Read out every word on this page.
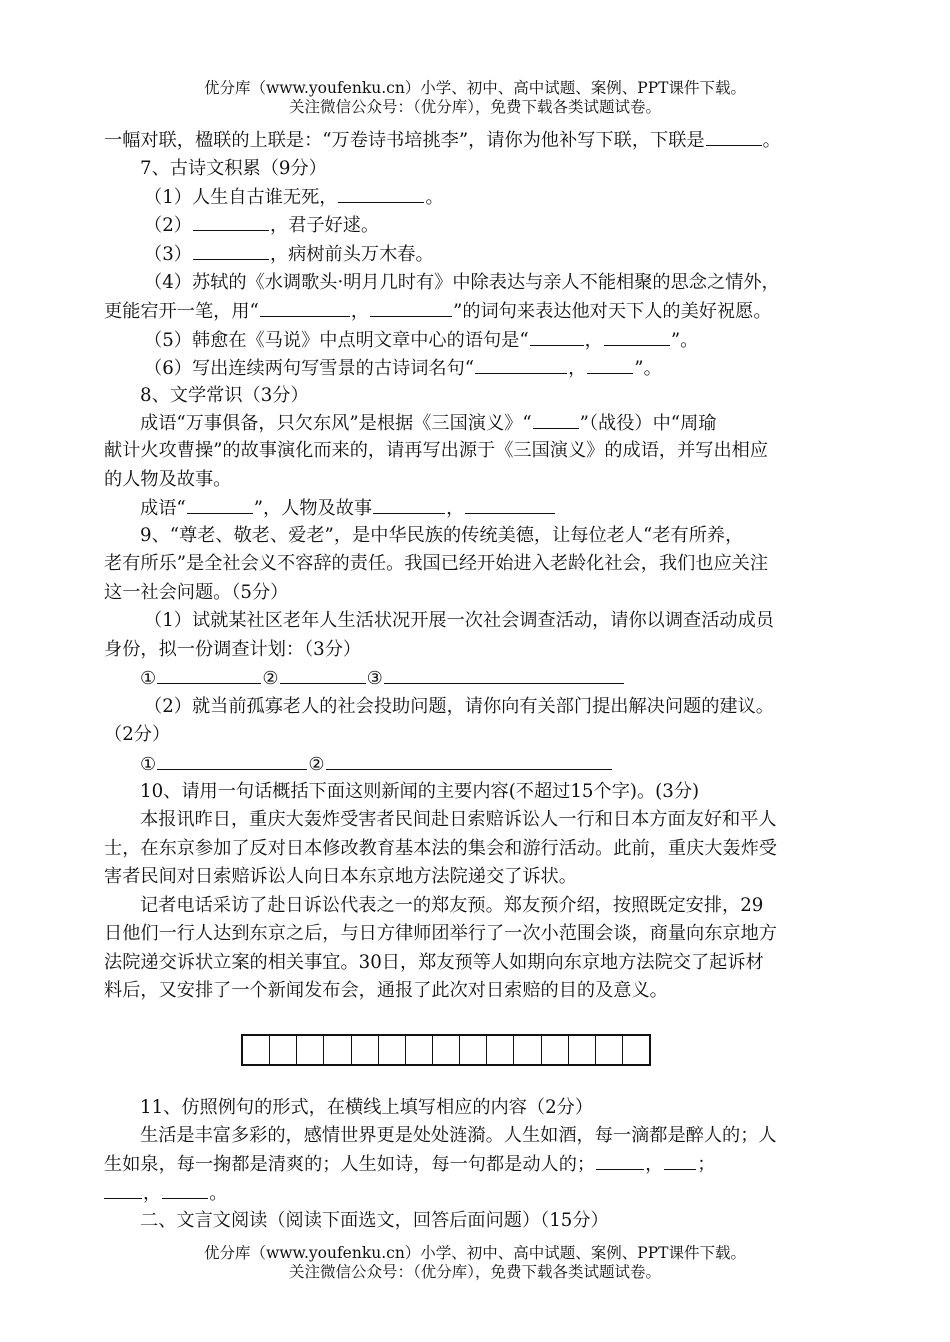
优分库（www.youfenku.cn）小学、初中、高中试题、案例、PPT课件下载。
关注微信公众号：（优分库），免费下载各类试题试卷。
一幅对联，楹联的上联是：“万卷诗书培挑李”，请你为他补写下联，下联是	。
7、古诗文积累（9分）
（1）人生自古谁无死，	。
（2）	，君子好逑。
（3）	，病树前头万木春。
（4）苏轼的《水调歌头·明月几时有》中除表达与亲人不能相聚的思念之情外，
更能宕开一笔，用“	，	”的词句来表达他对天下人的美好祝愿。
（5）韩愈在《马说》中点明文章中心的语句是“	，	”。
（6）写出连续两句写雪景的古诗词名句“	，	”。
8、文学常识（3分）
成语“万事俱备，只欠东风”是根据《三国演义》“	”（战役）中“周瑜
献计火攻曹操”的故事演化而来的，请再写出源于《三国演义》的成语，并写出相应
的人物及故事。
成语“	”，人物及故事	，
9、“尊老、敬老、爱老”，是中华民族的传统美德，让每位老人“老有所养，
老有所乐”是全社会义不容辞的责任。我国已经开始进入老龄化社会，我们也应关注
这一社会问题。（5分）
（1）试就某社区老年人生活状况开展一次社会调查活动，请你以调查活动成员
身份，拟一份调查计划：（3分）
①	②	③
（2）就当前孤寡老人的社会投助问题，请你向有关部门提出解决问题的建议。
（2分）
①	②
10、请用一句话概括下面这则新闻的主要内容(不超过15个字)。(3分)
本报讯昨日，重庆大轰炸受害者民间赴日索赔诉讼人一行和日本方面友好和平人
士，在东京参加了反对日本修改教育基本法的集会和游行活动。此前，重庆大轰炸受
害者民间对日索赔诉讼人向日本东京地方法院递交了诉状。
记者电话采访了赴日诉讼代表之一的郑友预。郑友预介绍，按照既定安排，29
日他们一行人达到东京之后，与日方律师团举行了一次小范围会谈，商量向东京地方
法院递交诉状立案的相关事宜。30日，郑友预等人如期向东京地方法院交了起诉材
料后，又安排了一个新闻发布会，通报了此次对日索赔的目的及意义。
11、仿照例句的形式，在横线上填写相应的内容（2分）
生活是丰富多彩的，感情世界更是处处涟漪。人生如酒，每一滴都是醉人的；人
生如泉，每一掬都是清爽的；人生如诗，每一句都是动人的；	， ；
，	。
二、文言文阅读（阅读下面选文，回答后面问题）（15分）
优分库（www.youfenku.cn）小学、初中、高中试题、案例、PPT课件下载。
关注微信公众号：（优分库），免费下载各类试题试卷。
